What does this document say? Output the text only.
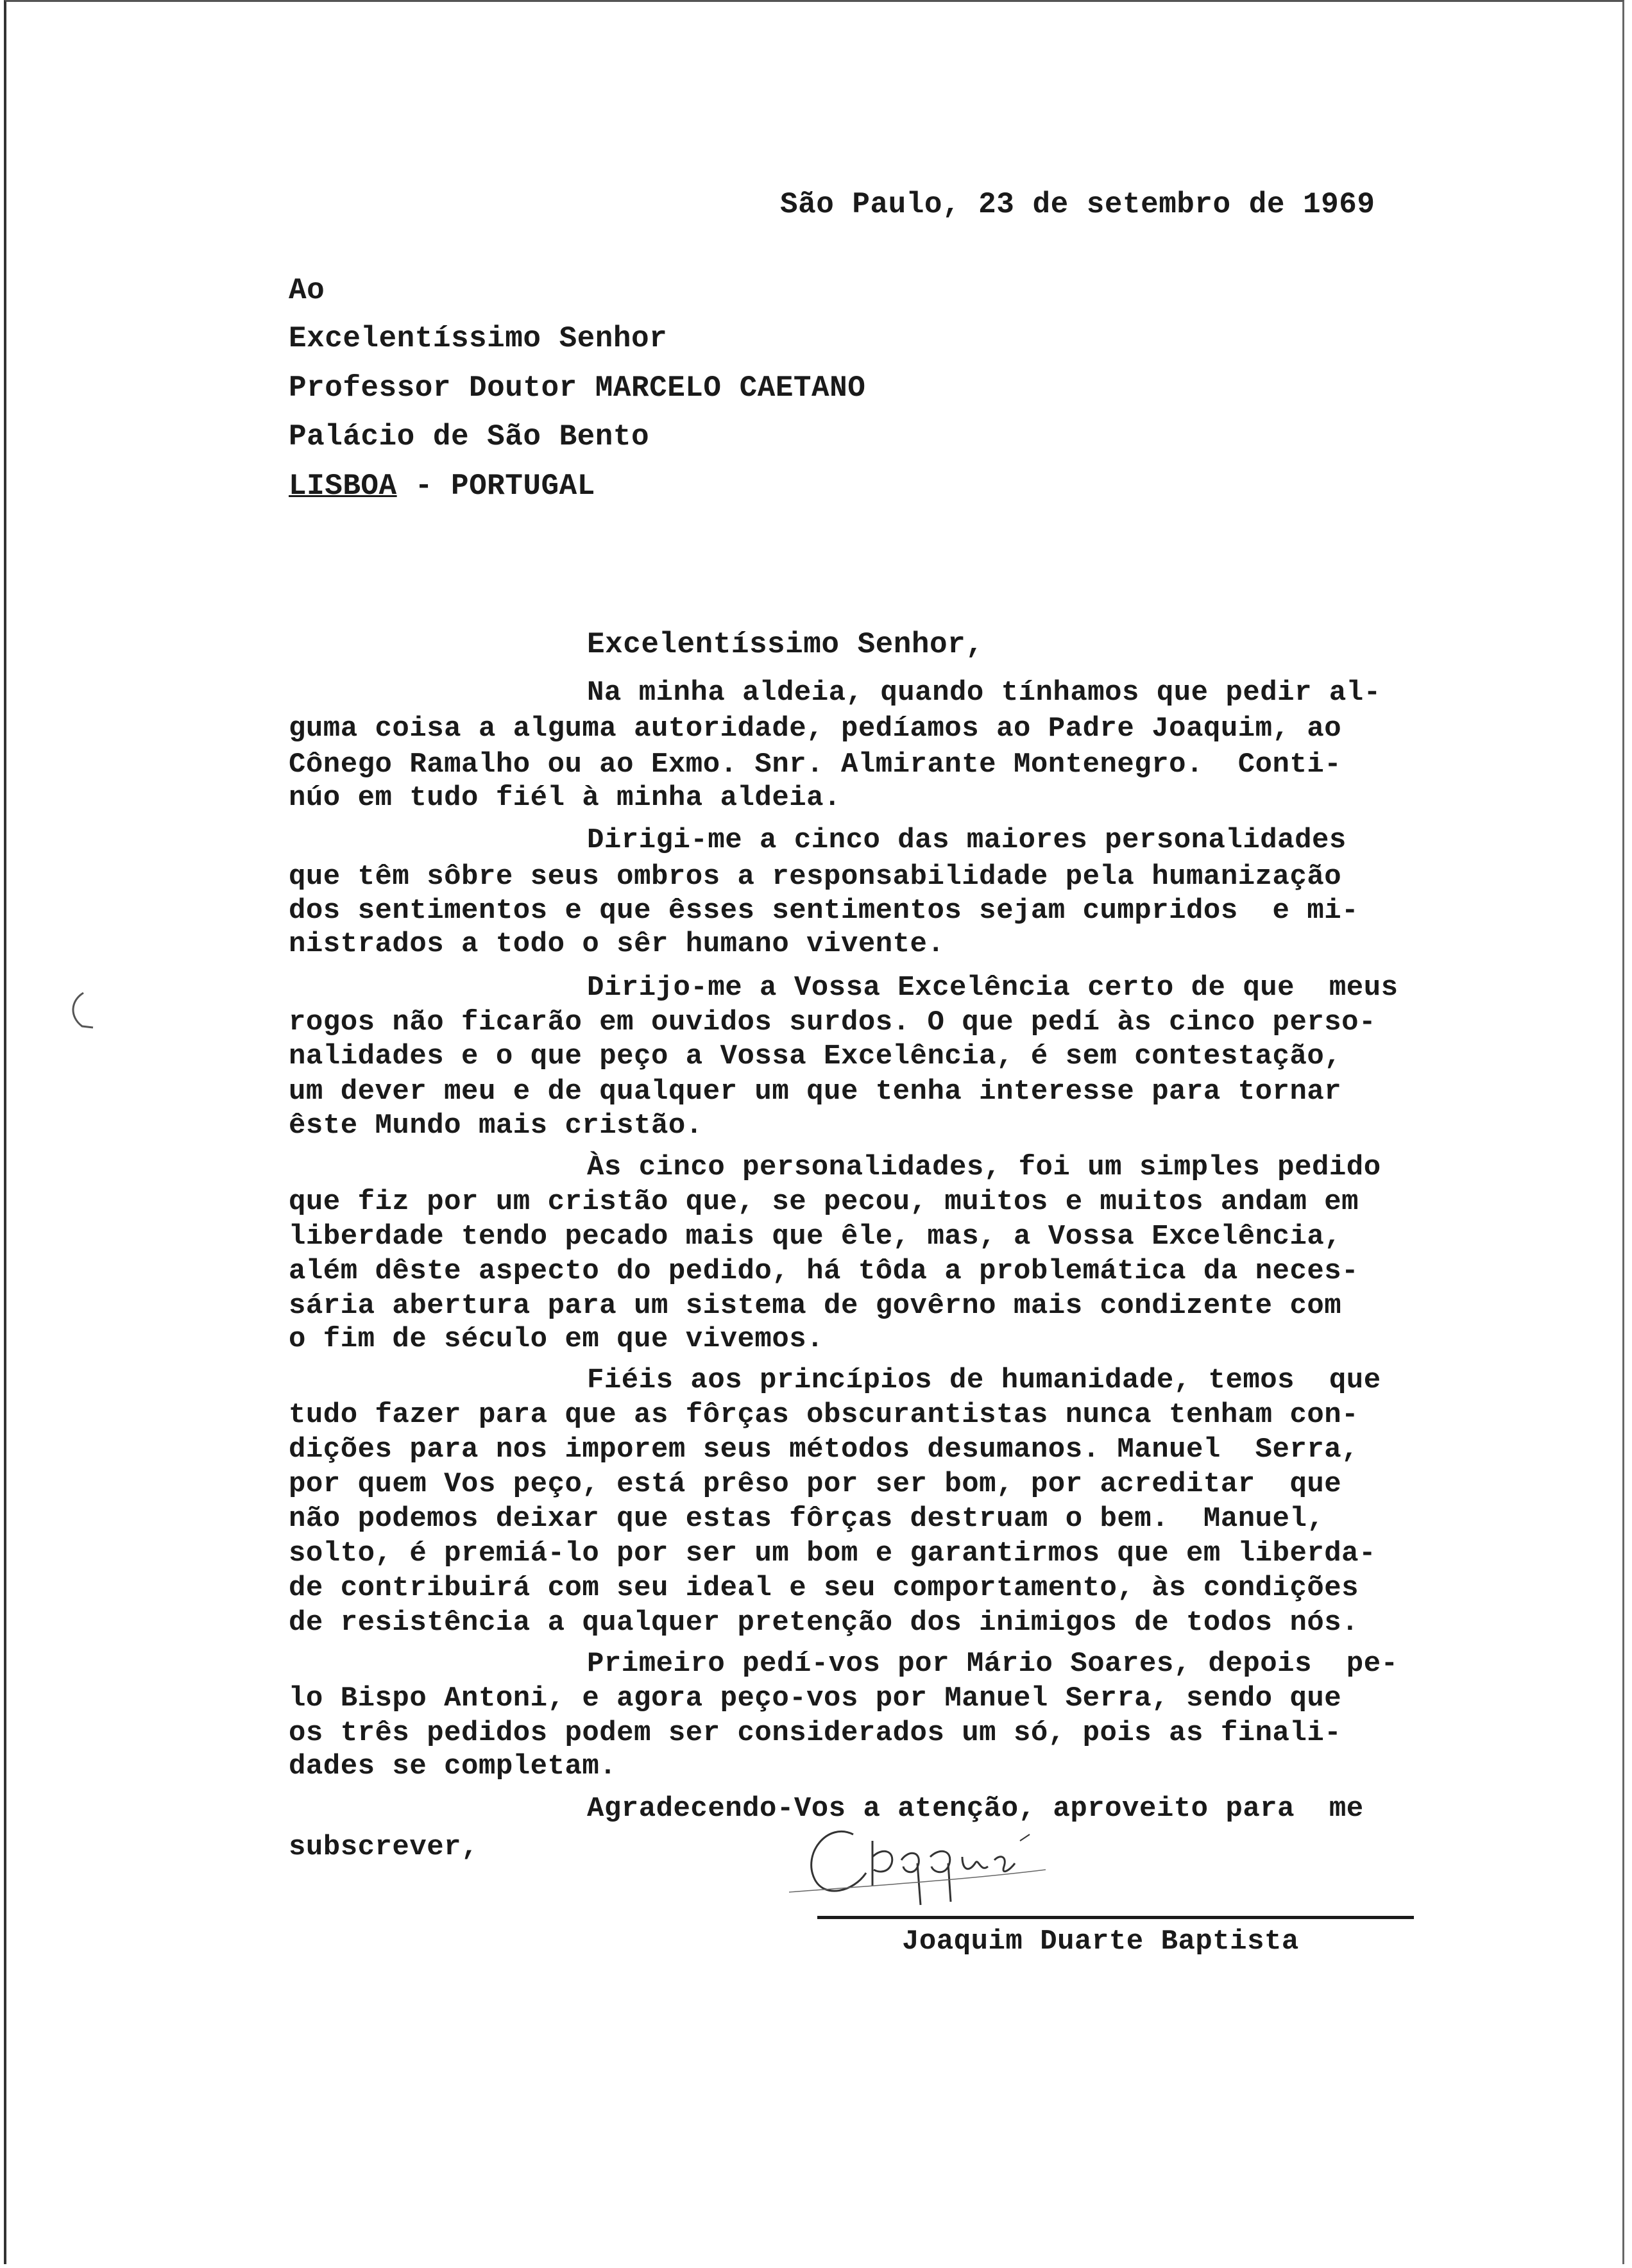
São Paulo, 23 de setembro de 1969
Ao
Excelentíssimo Senhor
Professor Doutor MARCELO CAETANO
Palácio de São Bento
LISBOA - PORTUGAL
Excelentíssimo Senhor,
Na minha aldeia, quando tínhamos que pedir al-
guma coisa a alguma autoridade, pedíamos ao Padre Joaquim, ao
Cônego Ramalho ou ao Exmo. Snr. Almirante Montenegro.  Conti-
núo em tudo fiél à minha aldeia.
Dirigi-me a cinco das maiores personalidades
que têm sôbre seus ombros a responsabilidade pela humanização
dos sentimentos e que êsses sentimentos sejam cumpridos  e mi-
nistrados a todo o sêr humano vivente.
Dirijo-me a Vossa Excelência certo de que  meus
rogos não ficarão em ouvidos surdos. O que pedí às cinco perso-
nalidades e o que peço a Vossa Excelência, é sem contestação,
um dever meu e de qualquer um que tenha interesse para tornar
êste Mundo mais cristão.
Às cinco personalidades, foi um simples pedido
que fiz por um cristão que, se pecou, muitos e muitos andam em
liberdade tendo pecado mais que êle, mas, a Vossa Excelência,
além dêste aspecto do pedido, há tôda a problemática da neces-
sária abertura para um sistema de govêrno mais condizente com
o fim de século em que vivemos.
Fiéis aos princípios de humanidade, temos  que
tudo fazer para que as fôrças obscurantistas nunca tenham con-
dições para nos imporem seus métodos desumanos. Manuel  Serra,
por quem Vos peço, está prêso por ser bom, por acreditar  que
não podemos deixar que estas fôrças destruam o bem.  Manuel,
solto, é premiá-lo por ser um bom e garantirmos que em liberda-
de contribuirá com seu ideal e seu comportamento, às condições
de resistência a qualquer pretenção dos inimigos de todos nós.
Primeiro pedí-vos por Mário Soares, depois  pe-
lo Bispo Antoni, e agora peço-vos por Manuel Serra, sendo que
os três pedidos podem ser considerados um só, pois as finali-
dades se completam.
Agradecendo-Vos a atenção, aproveito para  me
subscrever,
Joaquim Duarte Baptista
